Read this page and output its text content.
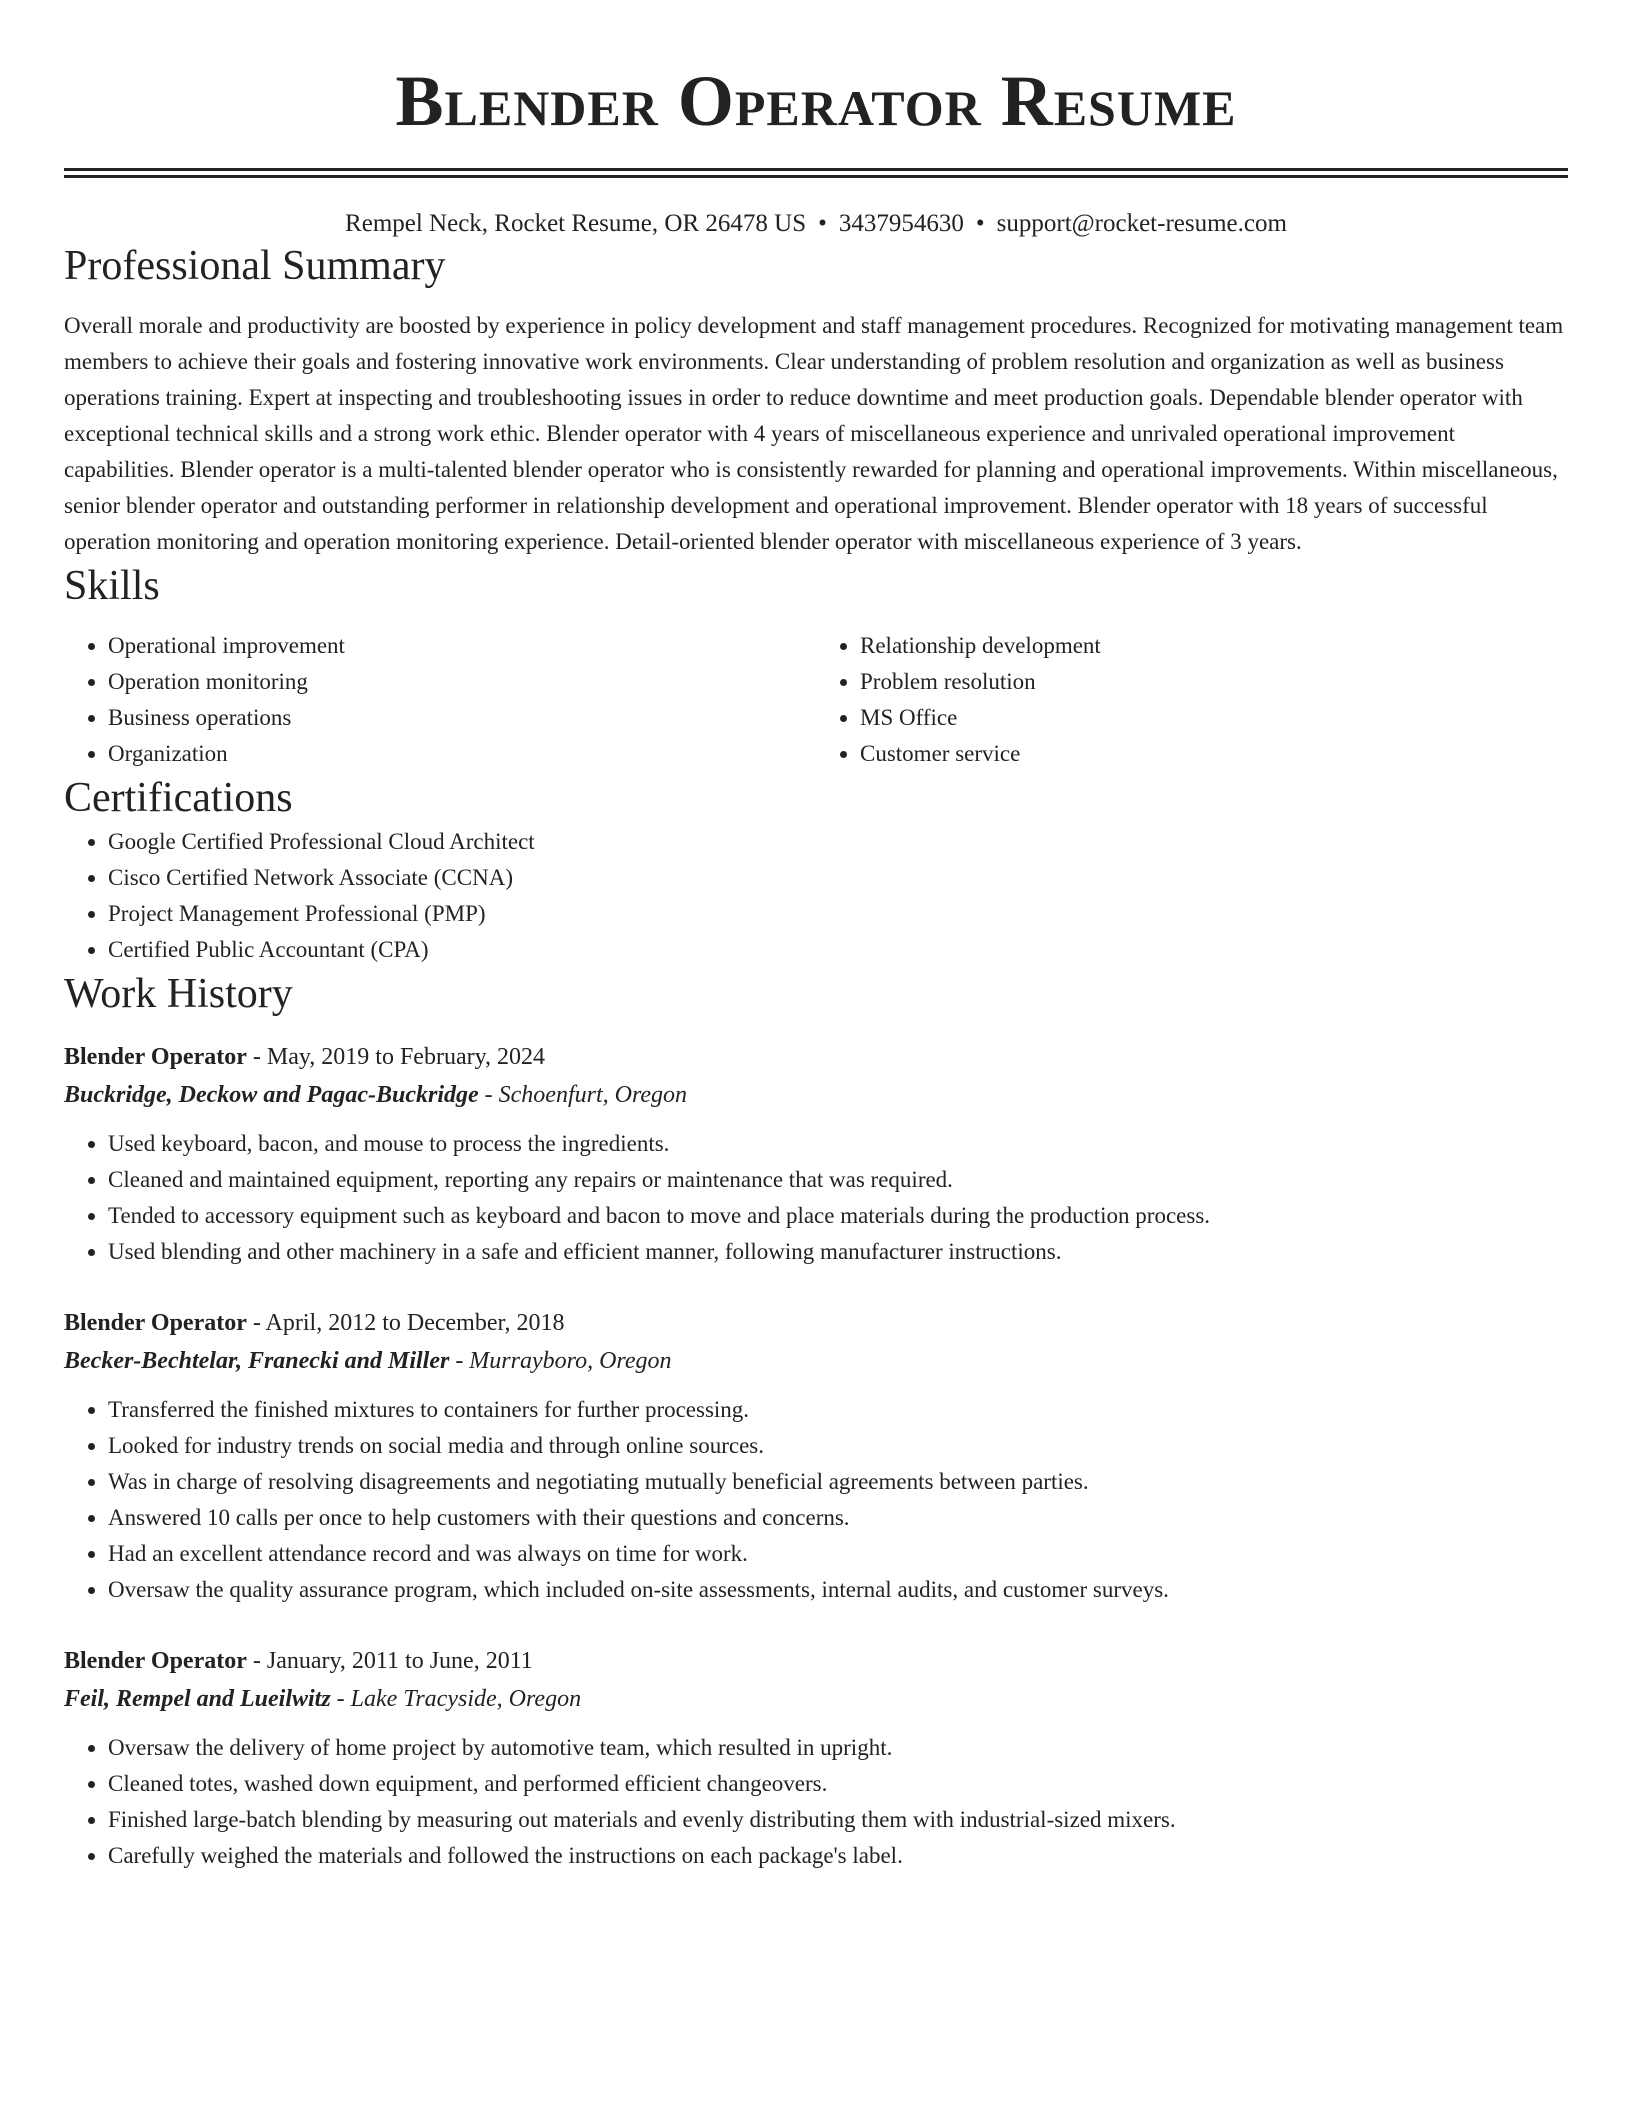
Blender Operator Resume
Rempel Neck, Rocket Resume, OR 26478 US • 3437954630 • support@rocket-resume.com
Professional Summary
Overall morale and productivity are boosted by experience in policy development and staff management procedures. Recognized for motivating management team members to achieve their goals and fostering innovative work environments. Clear understanding of problem resolution and organization as well as business operations training. Expert at inspecting and troubleshooting issues in order to reduce downtime and meet production goals. Dependable blender operator with exceptional technical skills and a strong work ethic. Blender operator with 4 years of miscellaneous experience and unrivaled operational improvement capabilities. Blender operator is a multi-talented blender operator who is consistently rewarded for planning and operational improvements. Within miscellaneous, senior blender operator and outstanding performer in relationship development and operational improvement. Blender operator with 18 years of successful operation monitoring and operation monitoring experience. Detail-oriented blender operator with miscellaneous experience of 3 years.
Skills
• Operational improvement
• Operation monitoring
• Business operations
• Organization
• Relationship development
• Problem resolution
• MS Office
• Customer service
Certifications
• Google Certified Professional Cloud Architect
• Cisco Certified Network Associate (CCNA)
• Project Management Professional (PMP)
• Certified Public Accountant (CPA)
Work History
Blender Operator - May, 2019 to February, 2024
Buckridge, Deckow and Pagac-Buckridge - Schoenfurt, Oregon
• Used keyboard, bacon, and mouse to process the ingredients.
• Cleaned and maintained equipment, reporting any repairs or maintenance that was required.
• Tended to accessory equipment such as keyboard and bacon to move and place materials during the production process.
• Used blending and other machinery in a safe and efficient manner, following manufacturer instructions.
Blender Operator - April, 2012 to December, 2018
Becker-Bechtelar, Franecki and Miller - Murrayboro, Oregon
• Transferred the finished mixtures to containers for further processing.
• Looked for industry trends on social media and through online sources.
• Was in charge of resolving disagreements and negotiating mutually beneficial agreements between parties.
• Answered 10 calls per once to help customers with their questions and concerns.
• Had an excellent attendance record and was always on time for work.
• Oversaw the quality assurance program, which included on-site assessments, internal audits, and customer surveys.
Blender Operator - January, 2011 to June, 2011
Feil, Rempel and Lueilwitz - Lake Tracyside, Oregon
• Oversaw the delivery of home project by automotive team, which resulted in upright.
• Cleaned totes, washed down equipment, and performed efficient changeovers.
• Finished large-batch blending by measuring out materials and evenly distributing them with industrial-sized mixers.
• Carefully weighed the materials and followed the instructions on each package's label.
